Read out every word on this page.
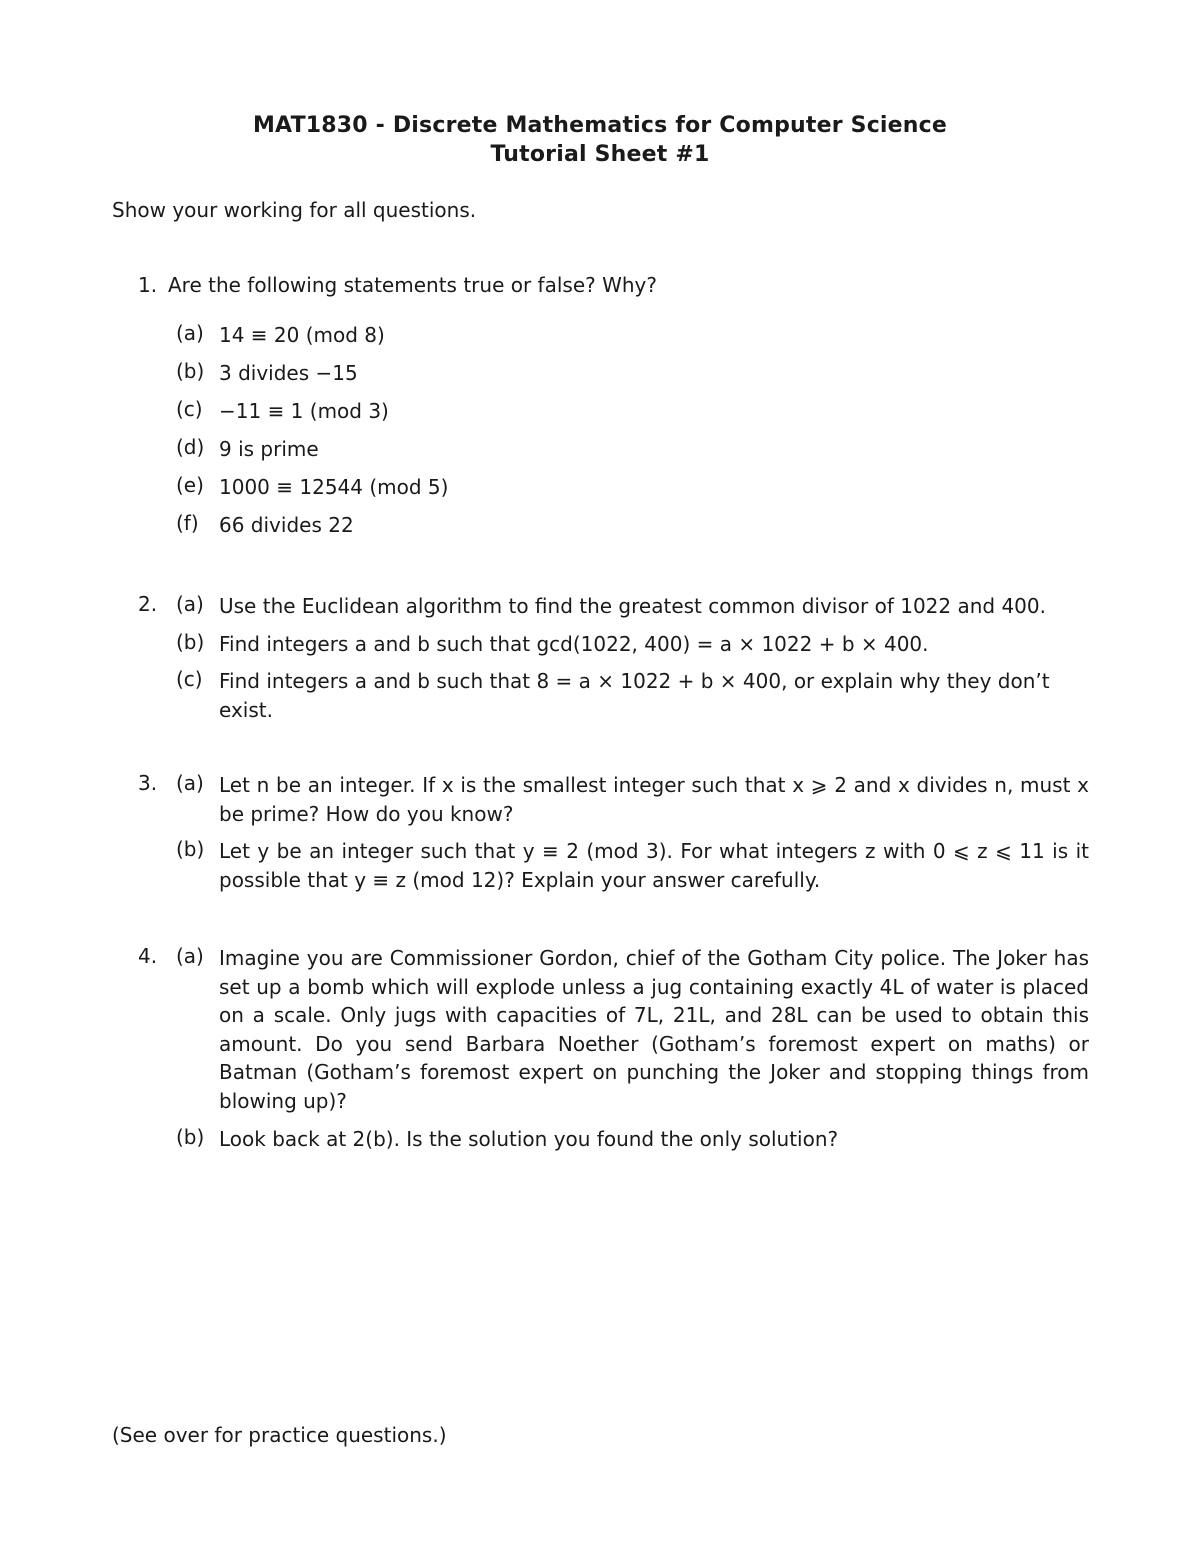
MAT1830 - Discrete Mathematics for Computer Science
Tutorial Sheet #1
Show your working for all questions.
1. Are the following statements true or false? Why?
(a) 14 ≡ 20 (mod 8)
(b) 3 divides −15
(c) −11 ≡ 1 (mod 3)
(d) 9 is prime
(e) 1000 ≡ 12544 (mod 5)
(f) 66 divides 22
2. (a) Use the Euclidean algorithm to find the greatest common divisor of 1022 and 400.
(b) Find integers a and b such that gcd(1022, 400) = a × 1022 + b × 400.
(c) Find integers a and b such that 8 = a × 1022 + b × 400, or explain why they don’t exist.
3. (a) Let n be an integer. If x is the smallest integer such that x ⩾ 2 and x divides n, must x be prime? How do you know?
(b) Let y be an integer such that y ≡ 2 (mod 3). For what integers z with 0 ⩽ z ⩽ 11 is it possible that y ≡ z (mod 12)? Explain your answer carefully.
4. (a) Imagine you are Commissioner Gordon, chief of the Gotham City police. The Joker has set up a bomb which will explode unless a jug containing exactly 4L of water is placed on a scale. Only jugs with capacities of 7L, 21L, and 28L can be used to obtain this amount. Do you send Barbara Noether (Gotham’s foremost expert on maths) or Batman (Gotham’s foremost expert on punching the Joker and stopping things from blowing up)?
(b) Look back at 2(b). Is the solution you found the only solution?
(See over for practice questions.)
